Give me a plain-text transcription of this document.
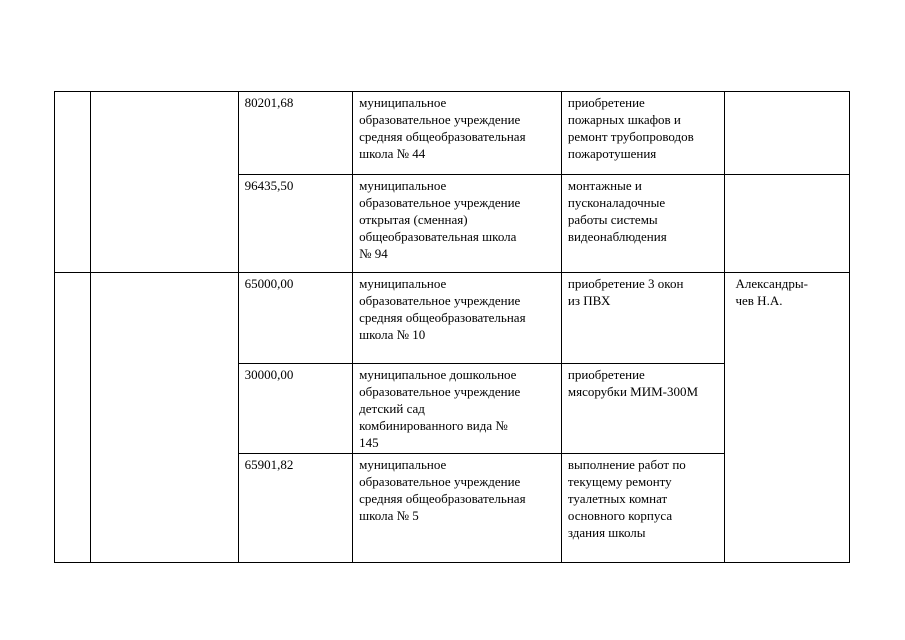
		80201,68	муниципальное
образовательное учреждение
средняя общеобразовательная
школа № 44	приобретение
пожарных шкафов и
ремонт трубопроводов
пожаротушения	
		96435,50	муниципальное
образовательное учреждение
открытая (сменная)
общеобразовательная школа
№ 94	монтажные и
пусконаладочные
работы системы
видеонаблюдения	
		65000,00	муниципальное
образовательное учреждение
средняя общеобразовательная
школа № 10	приобретение 3 окон
из ПВХ	Александры-
чев Н.А.
		30000,00	муниципальное дошкольное
образовательное учреждение
детский сад
комбинированного вида №
145	приобретение
мясорубки МИМ-300М	
		65901,82	муниципальное
образовательное учреждение
средняя общеобразовательная
школа № 5	выполнение работ по
текущему ремонту
туалетных комнат
основного корпуса
здания школы	
